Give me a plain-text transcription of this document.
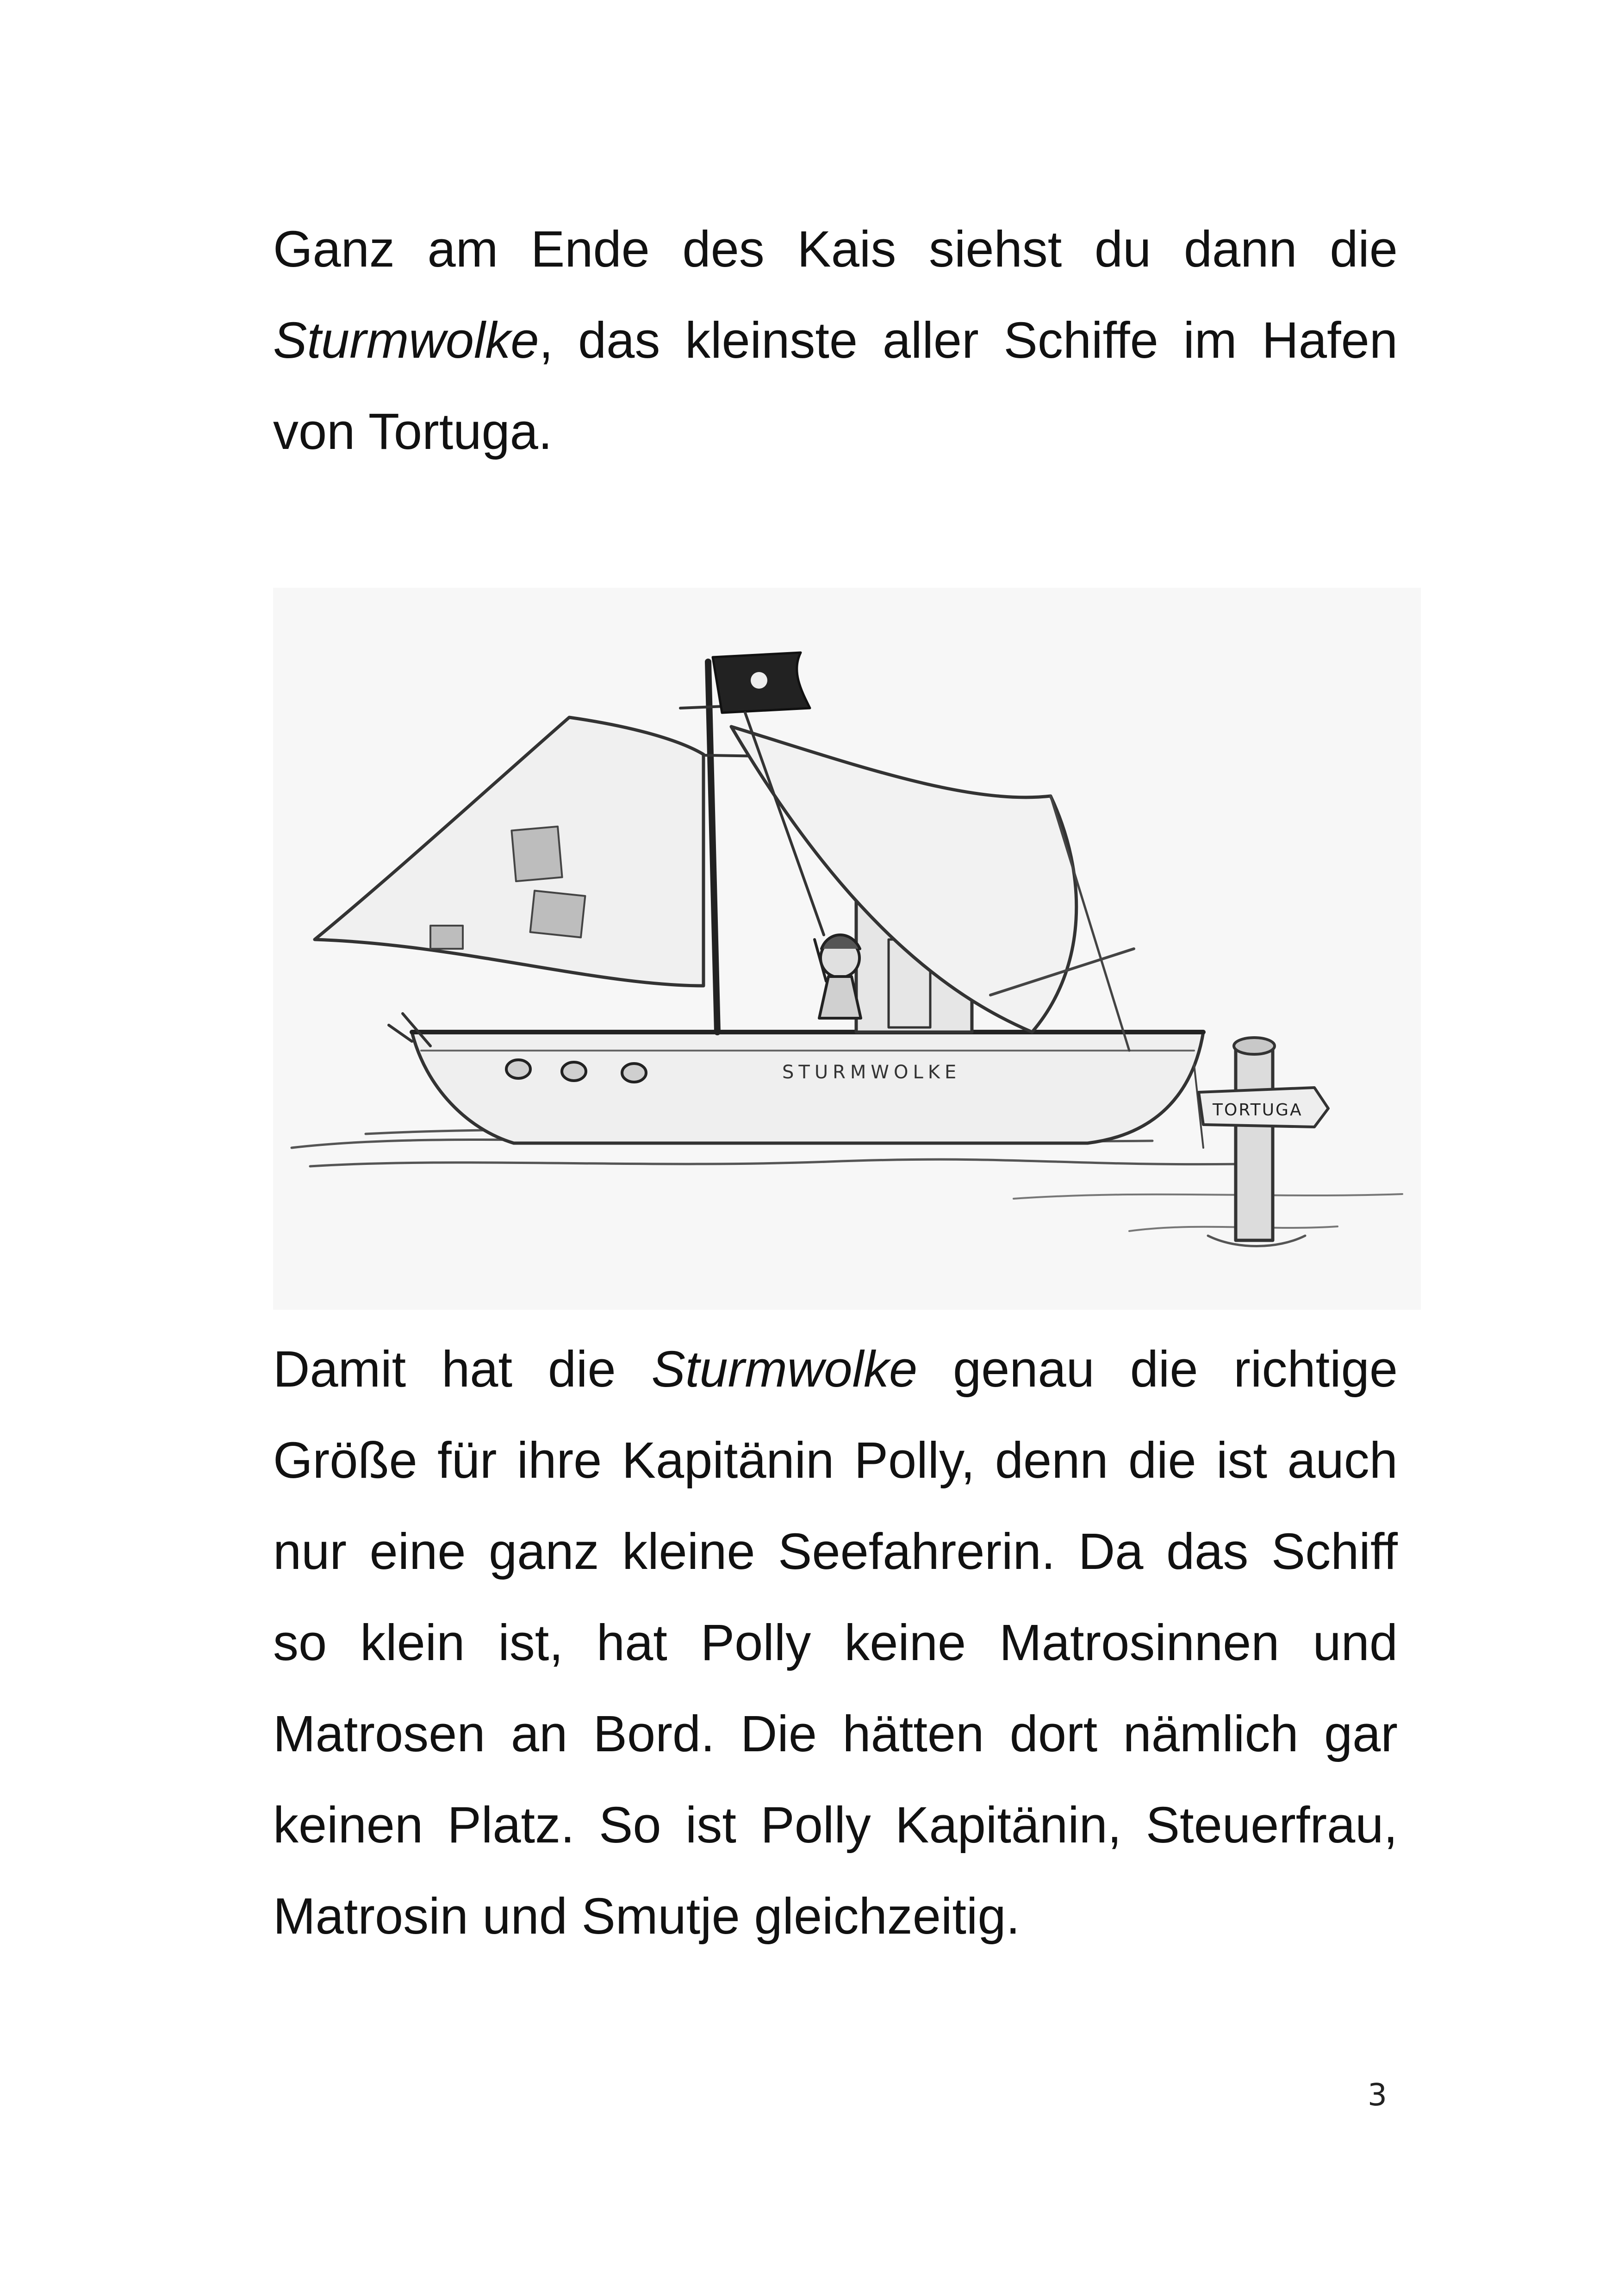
Ganz am Ende des Kais siehst du dann die Sturmwolke, das kleinste aller Schiffe im Hafen von Tortuga.

STURMWOLKE
TORTUGA

Damit hat die Sturmwolke genau die richtige Größe für ihre Kapitänin Polly, denn die ist auch nur eine ganz kleine Seefahrerin. Da das Schiff so klein ist, hat Polly keine Matrosinnen und Matrosen an Bord. Die hätten dort nämlich gar keinen Platz. So ist Polly Kapitänin, Steuerfrau, Matrosin und Smutje gleichzeitig.

3
